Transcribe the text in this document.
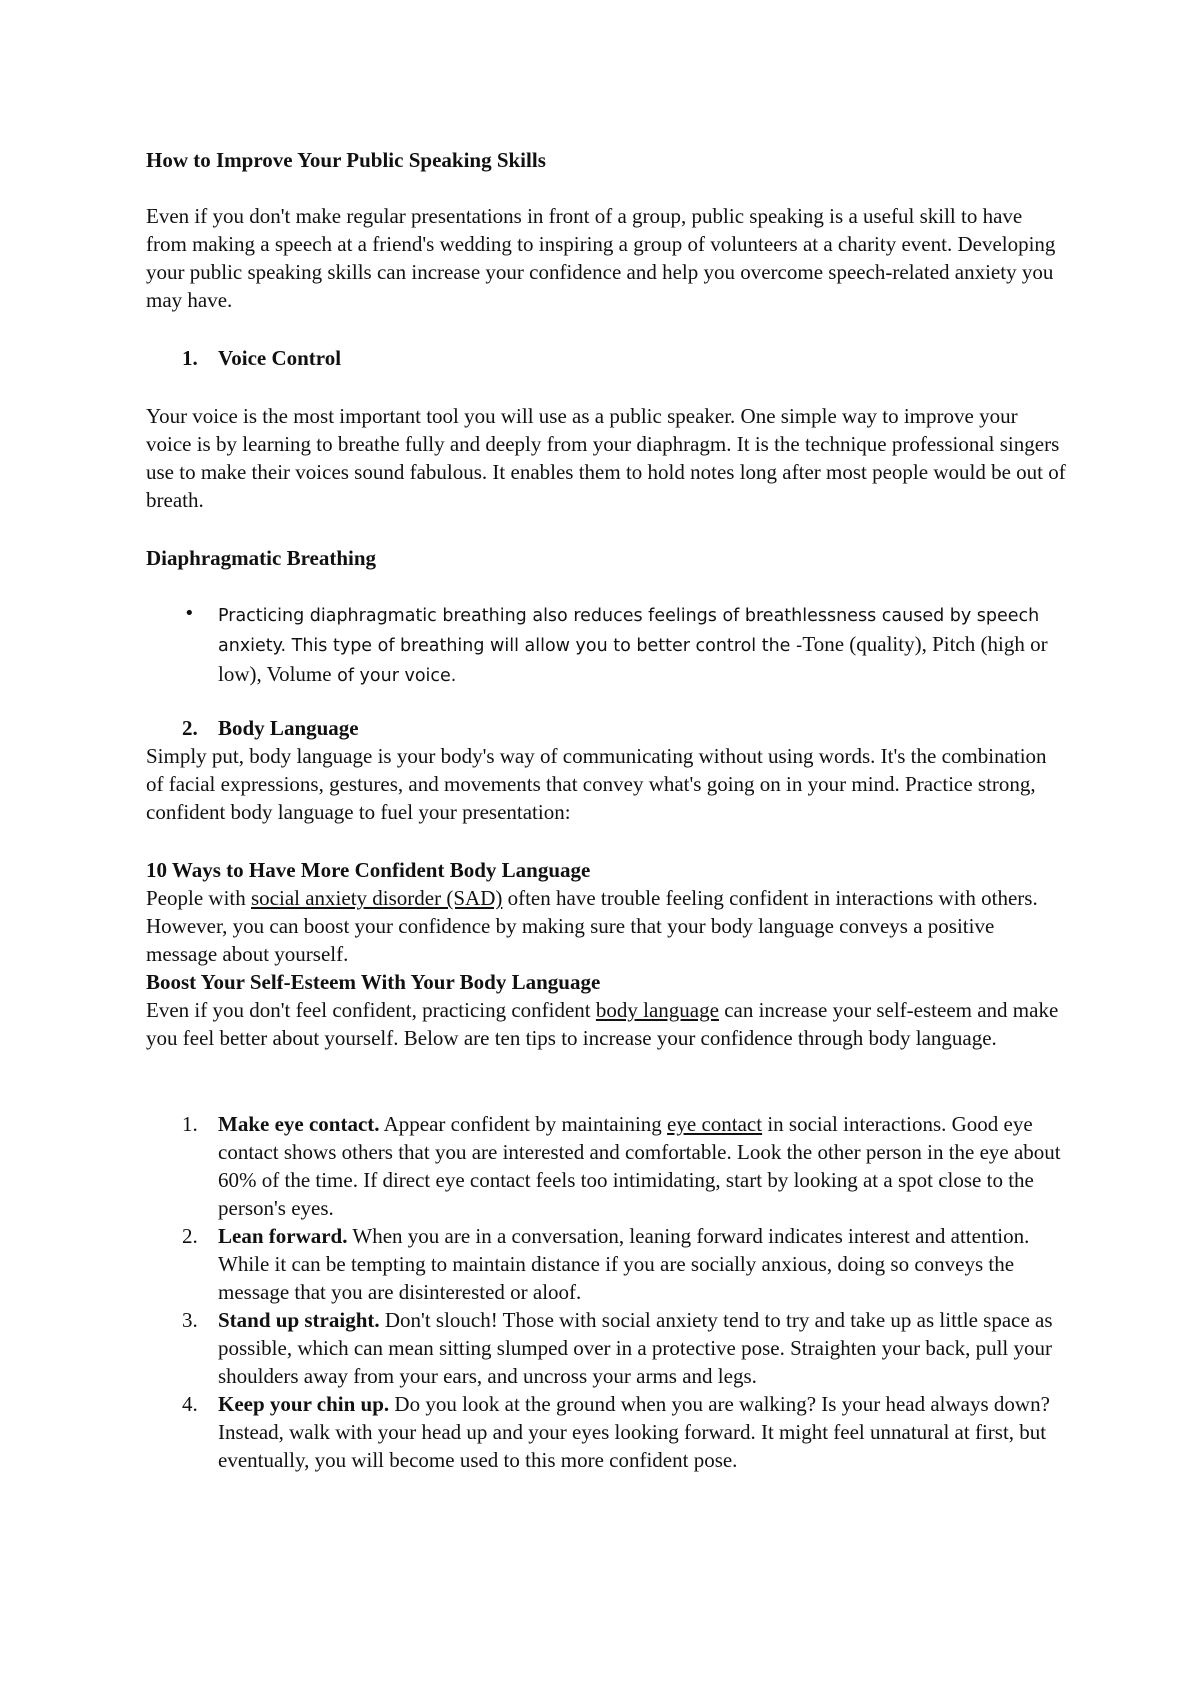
How to Improve Your Public Speaking Skills

Even if you don't make regular presentations in front of a group, public speaking is a useful skill to have from making a speech at a friend's wedding to inspiring a group of volunteers at a charity event. Developing your public speaking skills can increase your confidence and help you overcome speech-related anxiety you may have.

1. Voice Control

Your voice is the most important tool you will use as a public speaker. One simple way to improve your voice is by learning to breathe fully and deeply from your diaphragm. It is the technique professional singers use to make their voices sound fabulous. It enables them to hold notes long after most people would be out of breath.

Diaphragmatic Breathing
• Practicing diaphragmatic breathing also reduces feelings of breathlessness caused by speech anxiety. This type of breathing will allow you to better control the -Tone (quality), Pitch (high or low), Volume of your voice.
2. Body Language

Simply put, body language is your body's way of communicating without using words. It's the combination of facial expressions, gestures, and movements that convey what's going on in your mind. Practice strong, confident body language to fuel your presentation:

10 Ways to Have More Confident Body Language

People with social anxiety disorder (SAD) often have trouble feeling confident in interactions with others. However, you can boost your confidence by making sure that your body language conveys a positive message about yourself.

Boost Your Self-Esteem With Your Body Language

Even if you don't feel confident, practicing confident body language can increase your self-esteem and make you feel better about yourself. Below are ten tips to increase your confidence through body language.

1. Make eye contact. Appear confident by maintaining eye contact in social interactions. Good eye contact shows others that you are interested and comfortable. Look the other person in the eye about 60% of the time. If direct eye contact feels too intimidating, start by looking at a spot close to the person's eyes.
2. Lean forward. When you are in a conversation, leaning forward indicates interest and attention. While it can be tempting to maintain distance if you are socially anxious, doing so conveys the message that you are disinterested or aloof.
3. Stand up straight. Don't slouch! Those with social anxiety tend to try and take up as little space as possible, which can mean sitting slumped over in a protective pose. Straighten your back, pull your shoulders away from your ears, and uncross your arms and legs.
4. Keep your chin up. Do you look at the ground when you are walking? Is your head always down? Instead, walk with your head up and your eyes looking forward. It might feel unnatural at first, but eventually, you will become used to this more confident pose.
